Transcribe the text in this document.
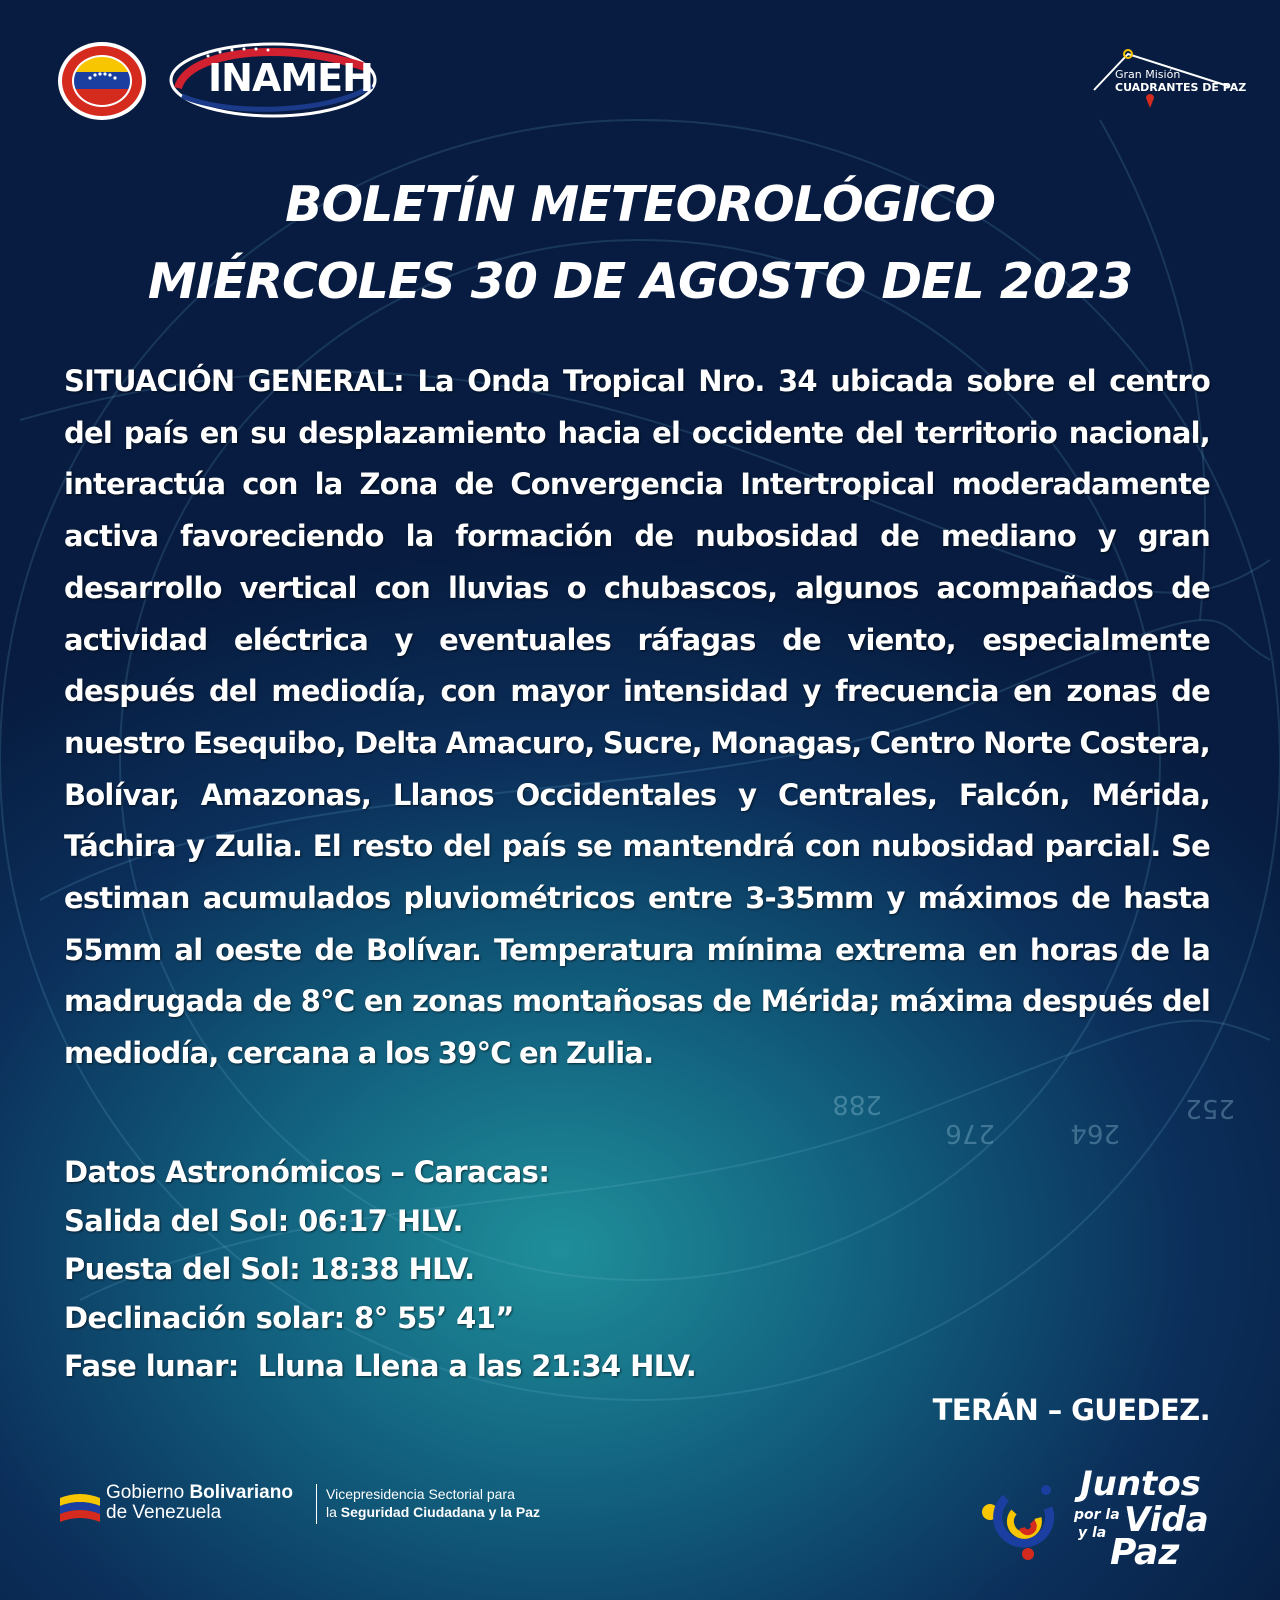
288
276	264
252
INAMEH	Gran Misión
CUADRANTES DE PAZ
BOLETÍN METEOROLÓGICO
MIÉRCOLES 30 DE AGOSTO DEL 2023
SITUACIÓN GENERAL: La Onda Tropical Nro. 34 ubicada sobre el centro del país en su desplazamiento hacia el occidente del territorio nacional, interactúa con la Zona de Convergencia Intertropical moderadamente activa favoreciendo la formación de nubosidad de mediano y gran desarrollo vertical con lluvias o chubascos, algunos acompañados de actividad eléctrica y eventuales ráfagas de viento, especialmente después del mediodía, con mayor intensidad y frecuencia en zonas de nuestro Esequibo, Delta Amacuro, Sucre, Monagas, Centro Norte Costera, Bolívar, Amazonas, Llanos Occidentales y Centrales, Falcón, Mérida, Táchira y Zulia. El resto del país se mantendrá con nubosidad parcial. Se estiman acumulados pluviométricos entre 3-35mm y máximos de hasta 55mm al oeste de Bolívar. Temperatura mínima extrema en horas de la madrugada de 8°C en zonas montañosas de Mérida; máxima después del mediodía, cercana a los 39°C en Zulia.
Datos Astronómicos – Caracas:
Salida del Sol: 06:17 HLV.
Puesta del Sol: 18:38 HLV.
Declinación solar: 8° 55’ 41”
Fase lunar:  Lluna Llena a las 21:34 HLV.
TERÁN – GUEDEZ.
Gobierno Bolivariano
de Venezuela
Vicepresidencia Sectorial para
la Seguridad Ciudadana y la Paz
Juntos
por la Vida
y la Paz
